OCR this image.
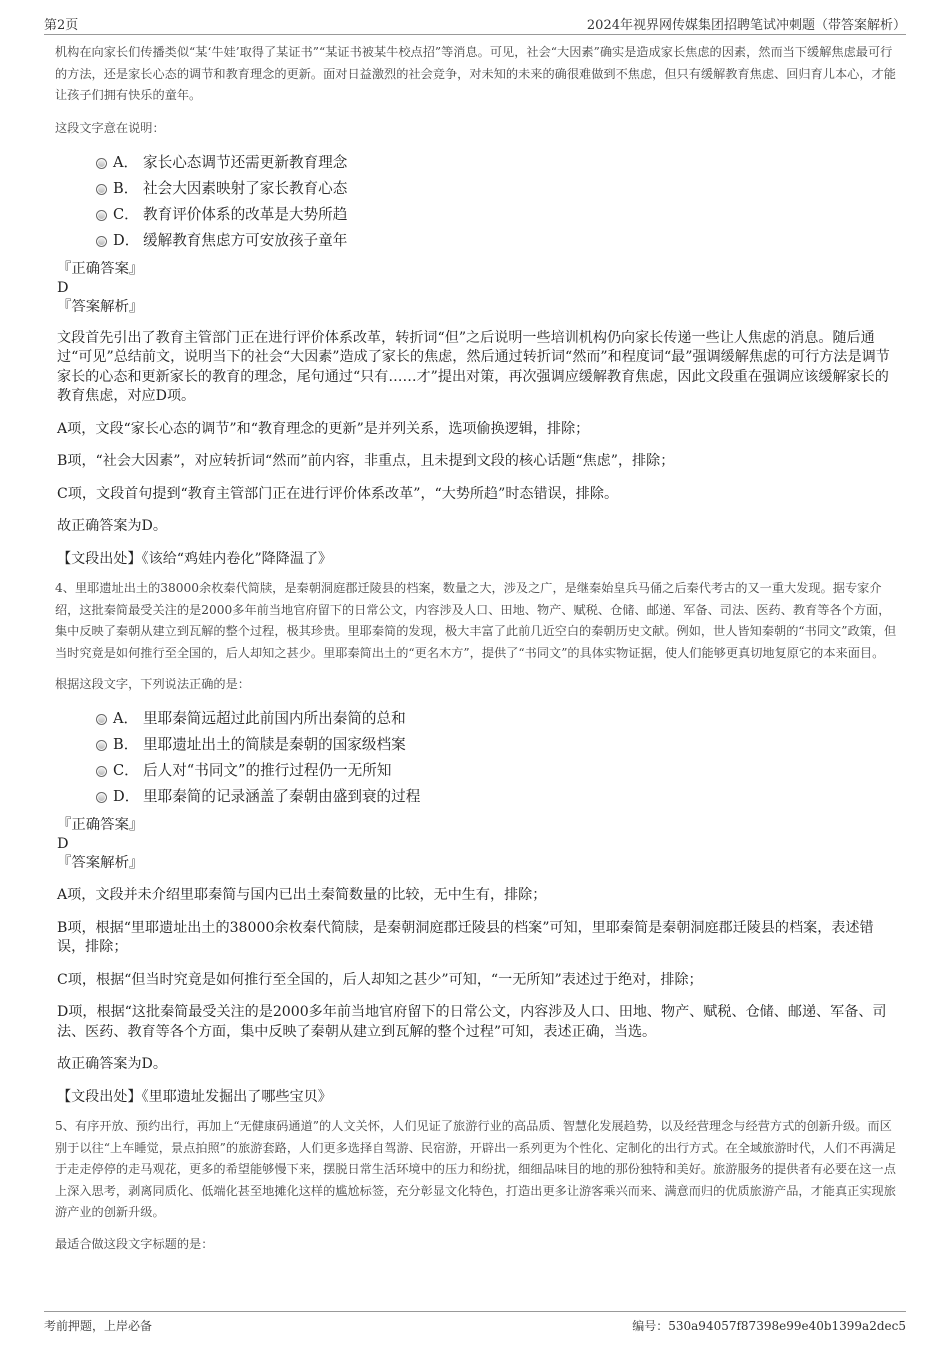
第2页	2024年视界网传媒集团招聘笔试冲刺题（带答案解析）

机构在向家长们传播类似“某‘牛娃’取得了某证书”“某证书被某牛校点招”等消息。可见，社会“大因素”确实是造成家长焦虑的因素，然而当下缓解焦虑最可行的方法，还是家长心态的调节和教育理念的更新。面对日益激烈的社会竞争，对未知的未来的确很难做到不焦虑，但只有缓解教育焦虑、回归育儿本心，才能让孩子们拥有快乐的童年。

这段文字意在说明：

A． 家长心态调节还需更新教育理念
B． 社会大因素映射了家长教育心态
C． 教育评价体系的改革是大势所趋
D． 缓解教育焦虑方可安放孩子童年

『正确答案』

D

『答案解析』

文段首先引出了教育主管部门正在进行评价体系改革，转折词“但”之后说明一些培训机构仍向家长传递一些让人焦虑的消息。随后通过“可见”总结前文，说明当下的社会“大因素”造成了家长的焦虑，然后通过转折词“然而”和程度词“最”强调缓解焦虑的可行方法是调节家长的心态和更新家长的教育的理念，尾句通过“只有……才”提出对策，再次强调应缓解教育焦虑，因此文段重在强调应该缓解家长的教育焦虑，对应D项。

A项，文段“家长心态的调节”和“教育理念的更新”是并列关系，选项偷换逻辑，排除；

B项，“社会大因素”，对应转折词“然而”前内容，非重点，且未提到文段的核心话题“焦虑”，排除；

C项，文段首句提到“教育主管部门正在进行评价体系改革”，“大势所趋”时态错误，排除。

故正确答案为D。

【文段出处】《该给“鸡娃内卷化”降降温了》

4、里耶遗址出土的38000余枚秦代简牍，是秦朝洞庭郡迁陵县的档案，数量之大，涉及之广，是继秦始皇兵马俑之后秦代考古的又一重大发现。据专家介绍，这批秦简最受关注的是2000多年前当地官府留下的日常公文，内容涉及人口、田地、物产、赋税、仓储、邮递、军备、司法、医药、教育等各个方面，集中反映了秦朝从建立到瓦解的整个过程，极其珍贵。里耶秦简的发现，极大丰富了此前几近空白的秦朝历史文献。例如，世人皆知秦朝的“书同文”政策，但当时究竟是如何推行至全国的，后人却知之甚少。里耶秦简出土的“更名木方”，提供了“书同文”的具体实物证据，使人们能够更真切地复原它的本来面目。

根据这段文字，下列说法正确的是：

A． 里耶秦简远超过此前国内所出秦简的总和
B． 里耶遗址出土的简牍是秦朝的国家级档案
C． 后人对“书同文”的推行过程仍一无所知
D． 里耶秦简的记录涵盖了秦朝由盛到衰的过程

『正确答案』

D

『答案解析』

A项，文段并未介绍里耶秦简与国内已出土秦简数量的比较，无中生有，排除；

B项，根据“里耶遗址出土的38000余枚秦代简牍，是秦朝洞庭郡迁陵县的档案”可知，里耶秦简是秦朝洞庭郡迁陵县的档案，表述错误，排除；

C项，根据“但当时究竟是如何推行至全国的，后人却知之甚少”可知，“一无所知”表述过于绝对，排除；

D项，根据“这批秦简最受关注的是2000多年前当地官府留下的日常公文，内容涉及人口、田地、物产、赋税、仓储、邮递、军备、司法、医药、教育等各个方面，集中反映了秦朝从建立到瓦解的整个过程”可知，表述正确，当选。

故正确答案为D。

【文段出处】《里耶遗址发掘出了哪些宝贝》

5、有序开放、预约出行，再加上“无健康码通道”的人文关怀，人们见证了旅游行业的高品质、智慧化发展趋势，以及经营理念与经营方式的创新升级。而区别于以往“上车睡觉，景点拍照”的旅游套路，人们更多选择自驾游、民宿游，开辟出一系列更为个性化、定制化的出行方式。在全域旅游时代，人们不再满足于走走停停的走马观花，更多的希望能够慢下来，摆脱日常生活环境中的压力和纷扰，细细品味目的地的那份独特和美好。旅游服务的提供者有必要在这一点上深入思考，剥离同质化、低端化甚至地摊化这样的尴尬标签，充分彰显文化特色，打造出更多让游客乘兴而来、满意而归的优质旅游产品，才能真正实现旅游产业的创新升级。

最适合做这段文字标题的是：

考前押题，上岸必备	编号：530a94057f87398e99e40b1399a2dec5
